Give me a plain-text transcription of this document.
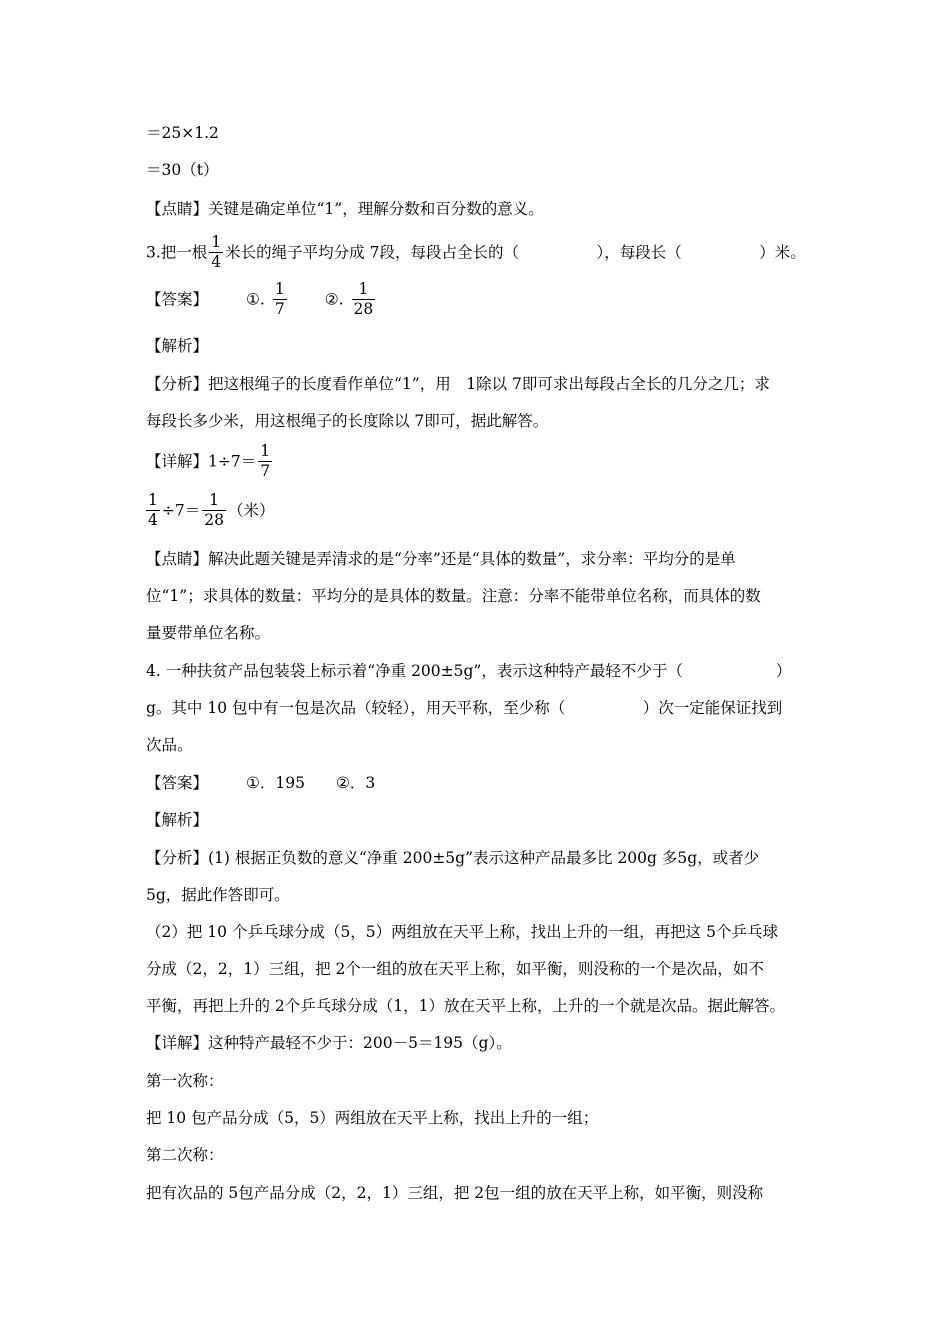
＝25×1.2
＝30（t）
【点睛】关键是确定单位“1”，理解分数和百分数的意义。
3.把一根 $\frac{1}{4}$ 米长的绳子平均分成 7段，每段占全长的（　　　　　），每段长（　　　　　）米。
【答案】 ①. $\frac{1}{7}$ ②. $\frac{1}{28}$
【解析】
【分析】把这根绳子的长度看作单位“1”，用　1除以 7即可求出每段占全长的几分之几；求
每段长多少米，用这根绳子的长度除以 7即可，据此解答。
【详解】$1\div 7= \frac{1}{7}$
$\frac{1}{4} \div 7= \frac{1}{28}$ （米）
【点睛】解决此题关键是弄清求的是“分率”还是“具体的数量”，求分率：平均分的是单
位“1”；求具体的数量：平均分的是具体的数量。注意：分率不能带单位名称，而具体的数
量要带单位名称。
4. 一种扶贫产品包装袋上标示着“净重 200±5g”，表示这种特产最轻不少于（　　　　　　）
g。其中 10 包中有一包是次品（较轻），用天平称，至少称（　　　　　）次一定能保证找到
次品。
【答案】 ①．195　　②．3
【解析】
【分析】(1) 根据正负数的意义“净重 200±5g”表示这种产品最多比 200g 多5g，或者少
5g，据此作答即可。
（2）把 10 个乒乓球分成（5，5）两组放在天平上称，找出上升的一组，再把这 5个乒乓球
分成（2，2，1）三组，把 2个一组的放在天平上称，如平衡，则没称的一个是次品，如不
平衡，再把上升的 2个乒乓球分成（1，1）放在天平上称，上升的一个就是次品。据此解答。
【详解】这种特产最轻不少于：200－5＝195（g）。
第一次称：
把 10 包产品分成（5，5）两组放在天平上称，找出上升的一组；
第二次称：
把有次品的 5包产品分成（2，2，1）三组，把 2包一组的放在天平上称，如平衡，则没称
